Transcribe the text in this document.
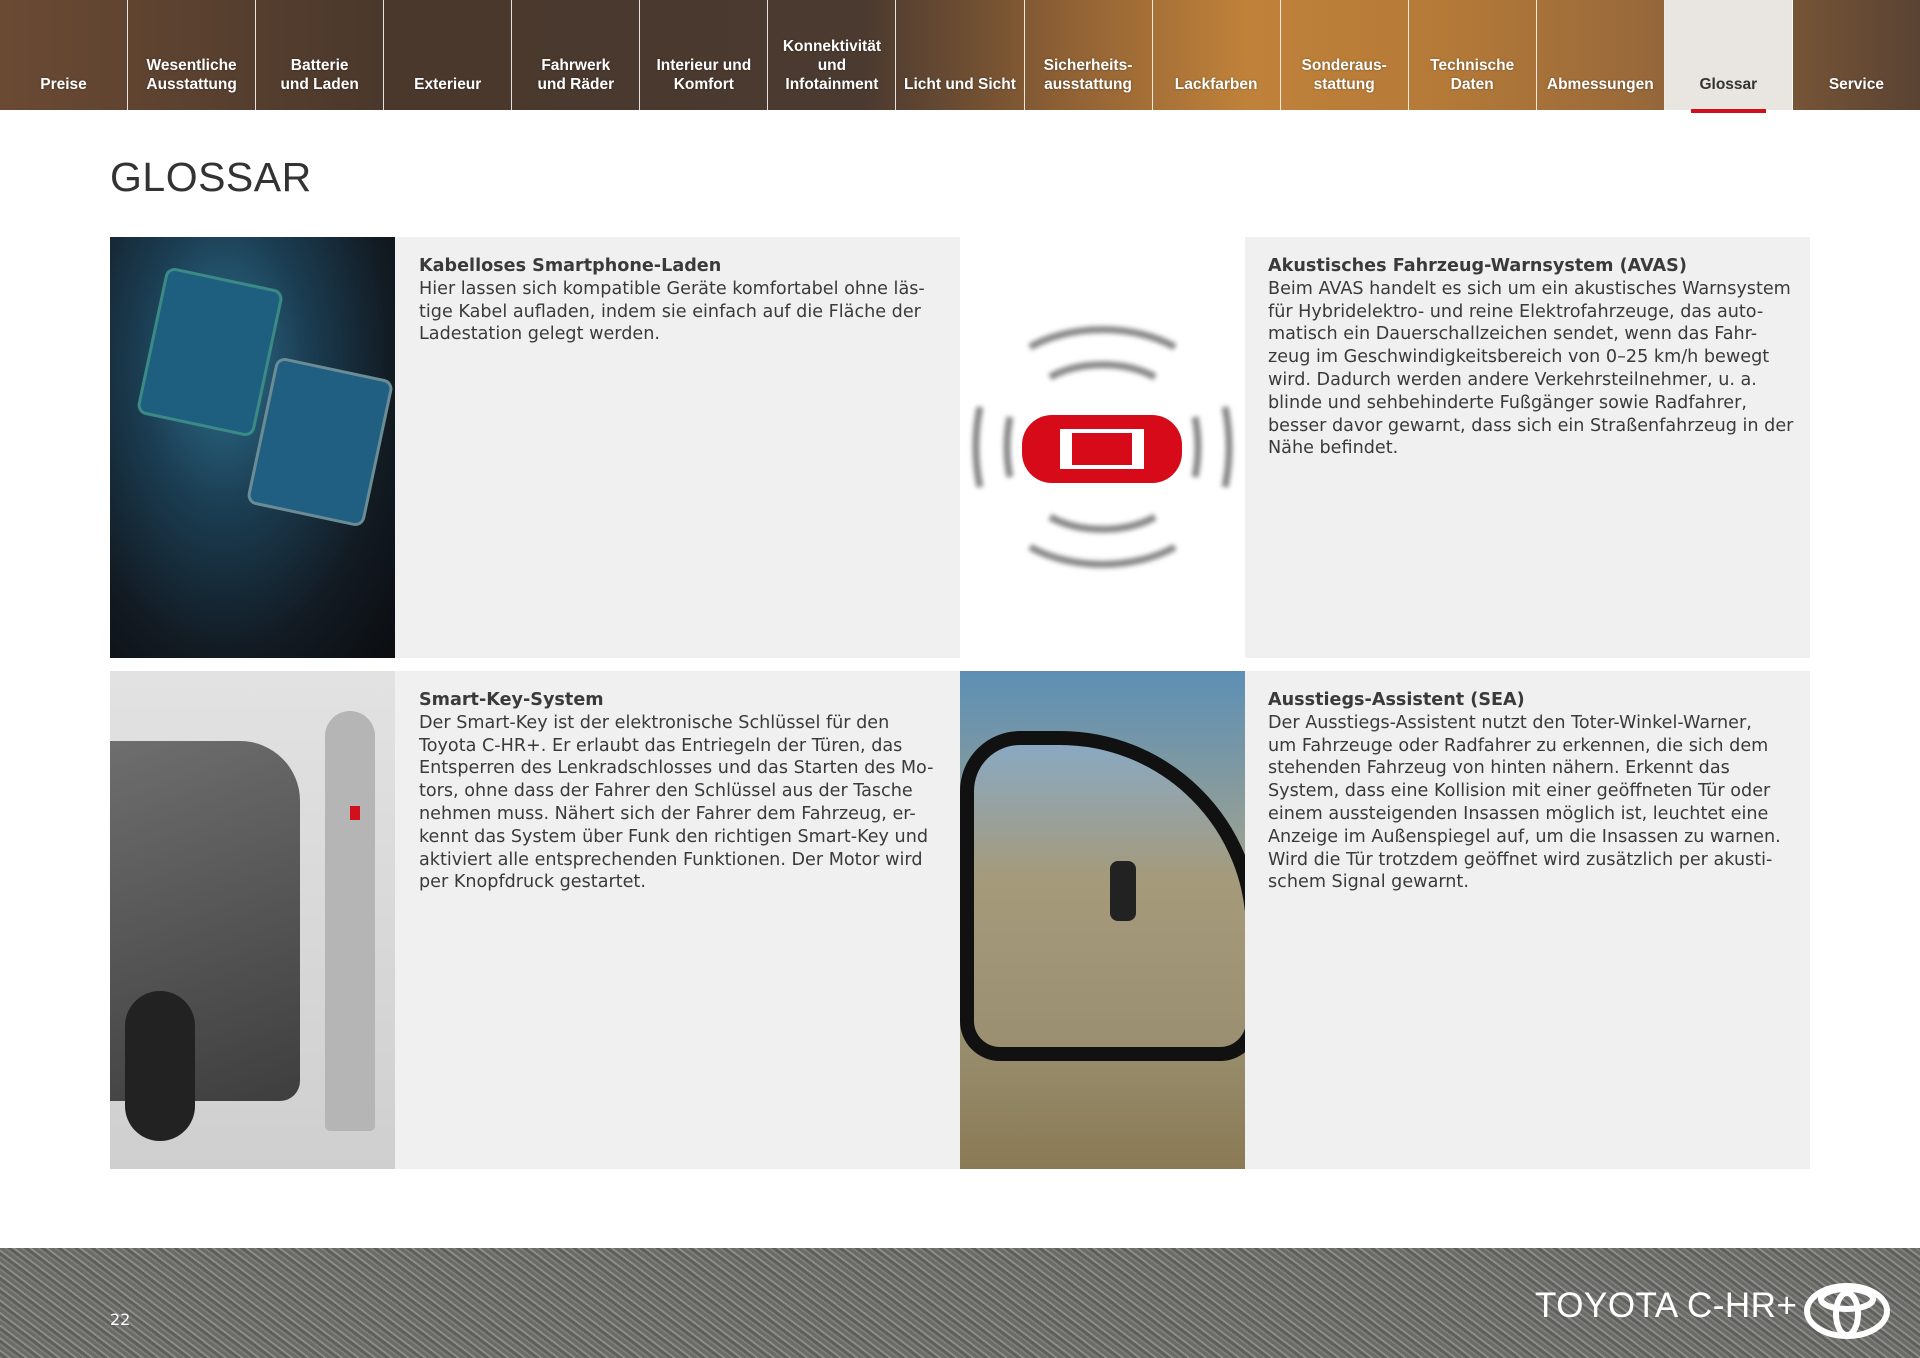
Preise
Wesentliche
Ausstattung
Batterie
und Laden	Exterieur
Fahrwerk
und Räder
Interieur und
Komfort
Konnektivität
und
Infotainment	Licht und Sicht
Sicherheits-
ausstattung	Lackfarben
Sonderaus-
stattung
Technische
Daten	Abmessungen	Glossar	Service
GLOSSAR
Kabelloses Smartphone-Laden
Hier lassen sich kompatible Geräte komfortabel ohne läs-
tige Kabel aufladen, indem sie einfach auf die Fläche der
Ladestation gelegt werden.
Akustisches Fahrzeug-Warnsystem (AVAS)
Beim AVAS handelt es sich um ein akustisches Warnsystem
für Hybridelektro- und reine Elektrofahrzeuge, das auto-
matisch ein Dauerschallzeichen sendet, wenn das Fahr-
zeug im Geschwindigkeitsbereich von 0–25 km/h bewegt
wird. Dadurch werden andere Verkehrsteilnehmer, u. a.
blinde und sehbehinderte Fußgänger sowie Radfahrer,
besser davor gewarnt, dass sich ein Straßenfahrzeug in der
Nähe befindet.
Smart-Key-System
Der Smart-Key ist der elektronische Schlüssel für den
Toyota C-HR+. Er erlaubt das Entriegeln der Türen, das
Entsperren des Lenkradschlosses und das Starten des Mo-
tors, ohne dass der Fahrer den Schlüssel aus der Tasche
nehmen muss. Nähert sich der Fahrer dem Fahrzeug, er-
kennt das System über Funk den richtigen Smart-Key und
aktiviert alle entsprechenden Funktionen. Der Motor wird
per Knopfdruck gestartet.
Ausstiegs-Assistent (SEA)
Der Ausstiegs-Assistent nutzt den Toter-Winkel-Warner,
um Fahrzeuge oder Radfahrer zu erkennen, die sich dem
stehenden Fahrzeug von hinten nähern. Erkennt das
System, dass eine Kollision mit einer geöffneten Tür oder
einem aussteigenden Insassen möglich ist, leuchtet eine
Anzeige im Außenspiegel auf, um die Insassen zu warnen.
Wird die Tür trotzdem geöffnet wird zusätzlich per akusti-
schem Signal gewarnt.
22	TOYOTA C-HR+
